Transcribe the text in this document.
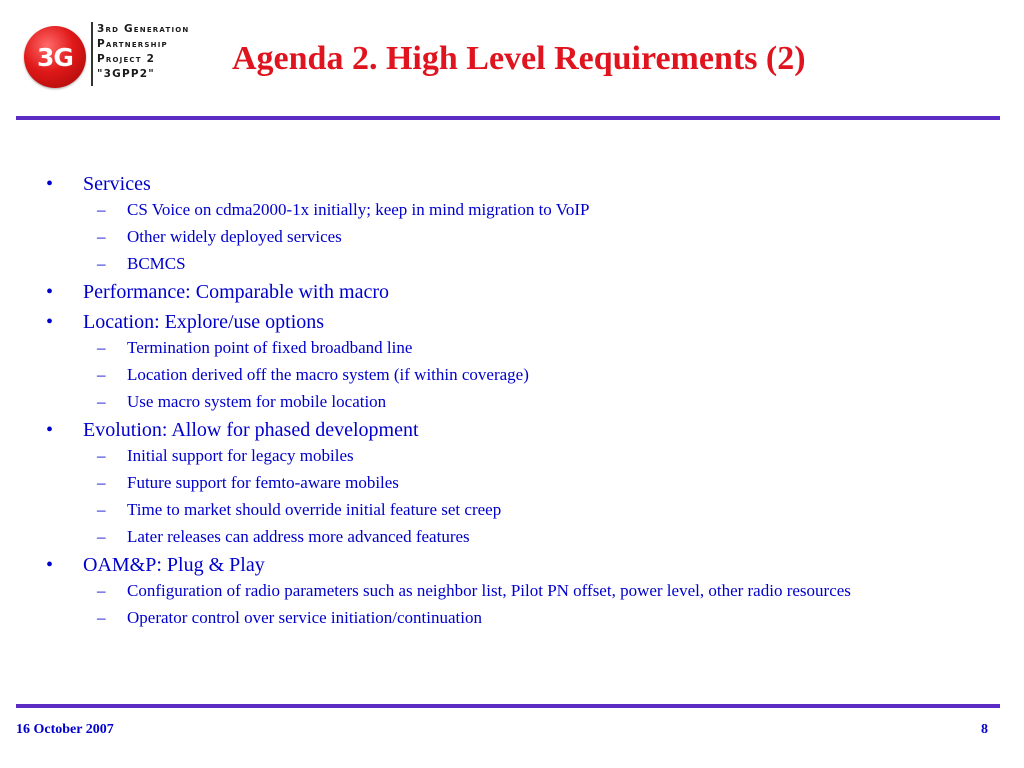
3G
3rd Generation
Partnership
Project 2
"3GPP2"	Agenda 2. High Level Requirements (2)
•	Services
– CS Voice on cdma2000-1x initially; keep in mind migration to VoIP
– Other widely deployed services
– BCMCS
•	Performance: Comparable with macro
•	Location: Explore/use options
– Termination point of fixed broadband line
– Location derived off the macro system (if within coverage)
– Use macro system for mobile location
•	Evolution: Allow for phased development
– Initial support for legacy mobiles
– Future support for femto-aware mobiles
– Time to market should override initial feature set creep
– Later releases can address more advanced features
•	OAM&P: Plug & Play
– Configuration of radio parameters such as neighbor list, Pilot PN offset, power level, other radio resources
– Operator control over service initiation/continuation
16 October 2007	8
